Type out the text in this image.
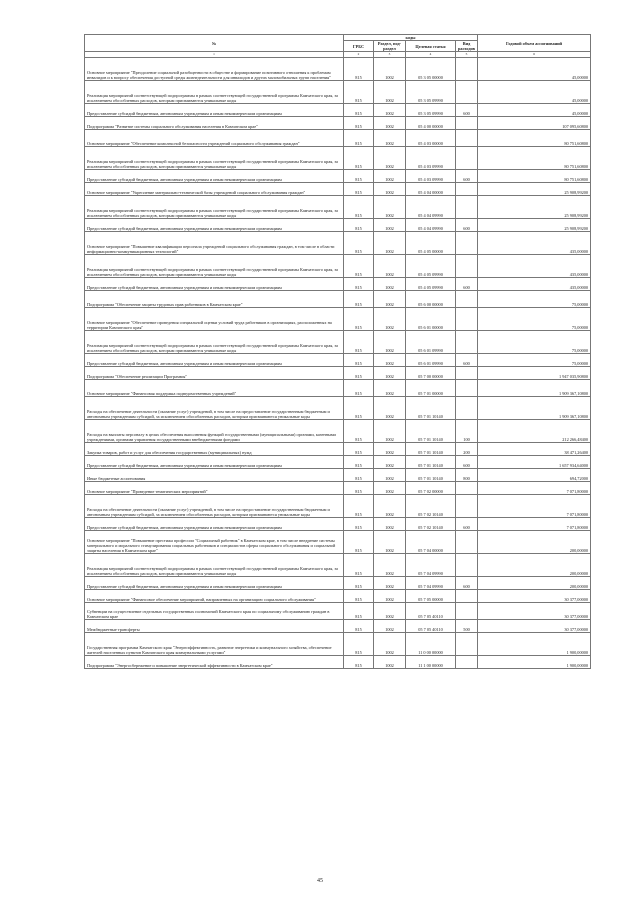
№	коды				Годовой объем ассигнований
	ГРБС	Раздел, под-раздел	Целевая статья	Вид расходов	
1	2	3	4	5	6
Основное мероприятие "Преодоление социальной разобщенности в обществе и формирование позитивного отношения к проблемам инвалидов и к вопросу обеспечения доступной среды жизнедеятельности для инвалидов и других маломобильных групп населения"	815	1002	05 3 05 00000		45,00000
Реализация мероприятий соответствующей подпрограммы в рамках соответствующей государственной программы Камчатского края, за исключением обособленных расходов, которым присваиваются уникальные коды	815	1002	05 3 05 09990		45,00000
Предоставление субсидий бюджетным, автономным учреждениям и иным некоммерческим организациям	815	1002	05 3 05 09990	600	45,00000
Подпрограмма "Развитие системы социального обслуживания населения в Камчатском крае"	815	1002	05 4 00 00000		107 095,60800
Основное мероприятие "Обеспечение комплексной безопасности учреждений социального обслуживания граждан"	815	1002	05 4 03 00000		80 751,60800
Реализация мероприятий соответствующей подпрограммы в рамках соответствующей государственной программы Камчатского края, за исключением обособленных расходов, которым присваиваются уникальные коды	815	1002	05 4 03 09990		80 751,60800
Предоставление субсидий бюджетным, автономным учреждениям и иным некоммерческим организациям	815	1002	05 4 03 09990	600	80 751,60800
Основное мероприятие "Укрепление материально-технической базы учреждений социального обслуживания граждан"	815	1002	05 4 04 00000		25 908,99200
Реализация мероприятий соответствующей подпрограммы в рамках соответствующей государственной программы Камчатского края, за исключением обособленных расходов, которым присваиваются уникальные коды	815	1002	05 4 04 09990		25 908,99200
Предоставление субсидий бюджетным, автономным учреждениям и иным некоммерческим организациям	815	1002	05 4 04 09990	600	25 908,99200
Основное мероприятие "Повышение квалификации персонала учреждений социального обслуживания граждан, в том числе в области информационно-коммуникационных технологий"	815	1002	05 4 05 00000		435,00000
Реализация мероприятий соответствующей подпрограммы в рамках соответствующей государственной программы Камчатского края, за исключением обособленных расходов, которым присваиваются уникальные коды	815	1002	05 4 05 09990		435,00000
Предоставление субсидий бюджетным, автономным учреждениям и иным некоммерческим организациям	815	1002	05 4 05 09990	600	435,00000
Подпрограмма "Обеспечение защиты трудовых прав работников в Камчатском крае"	815	1002	05 6 00 00000		75,00000
Основное мероприятие "Обеспечение проведения специальной оценки условий труда работников в организациях, расположенных на территории Камчатского края"	815	1002	05 6 01 00000		75,00000
Реализация мероприятий соответствующей подпрограммы в рамках соответствующей государственной программы Камчатского края, за исключением обособленных расходов, которым присваиваются уникальные коды	815	1002	05 6 01 09990		75,00000
Предоставление субсидий бюджетным, автономным учреждениям и иным некоммерческим организациям	815	1002	05 6 01 09990	600	75,00000
Подпрограмма "Обеспечение реализации Программы"	815	1002	05 7 00 00000		1 947 035,90800
Основное мероприятие "Финансовая поддержка подведомственных учреждений"	815	1002	05 7 01 00000		1 909 367,10800
Расходы на обеспечение деятельности (оказание услуг) учреждений, в том числе на предоставление государственным бюджетным и автономным учреждениям субсидий, за исключением обособленных расходов, которым присваиваются уникальные коды	815	1002	05 7 01 10140		1 909 367,10800
Расходы на выплаты персоналу в целях обеспечения выполнения функций государственными (муниципальными) органами, казенными учреждениями, органами управления государственными внебюджетными фондами	815	1002	05 7 01 10140	100	212 266,48400
Закупка товаров, работ и услуг для обеспечения государственных (муниципальных) нужд	815	1002	05 7 01 10140	200	38 471,26400
Предоставление субсидий бюджетным, автономным учреждениям и иным некоммерческим организациям	815	1002	05 7 01 10140	600	1 657 934,64000
Иные бюджетные ассигнования	815	1002	05 7 01 10140	800	694,72000
Основное мероприятие "Проведение тематических мероприятий"	815	1002	05 7 02 00000		7 071,80000
Расходы на обеспечение деятельности (оказание услуг) учреждений, в том числе на предоставление государственным бюджетным и автономным учреждениям субсидий, за исключением обособленных расходов, которым присваиваются уникальные коды	815	1002	05 7 02 10140		7 071,80000
Предоставление субсидий бюджетным, автономным учреждениям и иным некоммерческим организациям	815	1002	05 7 02 10140	600	7 071,80000
Основное мероприятие "Повышение престижа профессии "Социальный работник" в Камчатском крае, в том числе внедрение системы материального и морального стимулирования социальных работников и специалистов сферы социального обслуживания и социальной защиты населения в Камчатском крае"	815	1002	05 7 04 00000		200,00000
Реализация мероприятий соответствующей подпрограммы в рамках соответствующей государственной программы Камчатского края, за исключением обособленных расходов, которым присваиваются уникальные коды	815	1002	05 7 04 09990		200,00000
Предоставление субсидий бюджетным, автономным учреждениям и иным некоммерческим организациям	815	1002	05 7 04 09990	600	200,00000
Основное мероприятие "Финансовое обеспечение мероприятий, направленных на организацию социального обслуживания"	815	1002	05 7 05 00000		30 377,00000
Субвенции на осуществление отдельных государственных полномочий Камчатского края по социальному обслуживанию граждан в Камчатском крае	815	1002	05 7 05 40110		30 377,00000
Межбюджетные трансферты	815	1002	05 7 05 40110	500	30 377,00000
Государственная программа Камчатского края "Энергоэффективность, развитие энергетики и коммунального хозяйства, обеспечение жителей населенных пунктов Камчатского края коммунальными услугами"	815	1002	11 0 00 00000		1 900,00000
Подпрограмма "Энергосбережение и повышение энергетической эффективности в Камчатском крае"	815	1002	11 1 00 00000		1 900,00000
45
